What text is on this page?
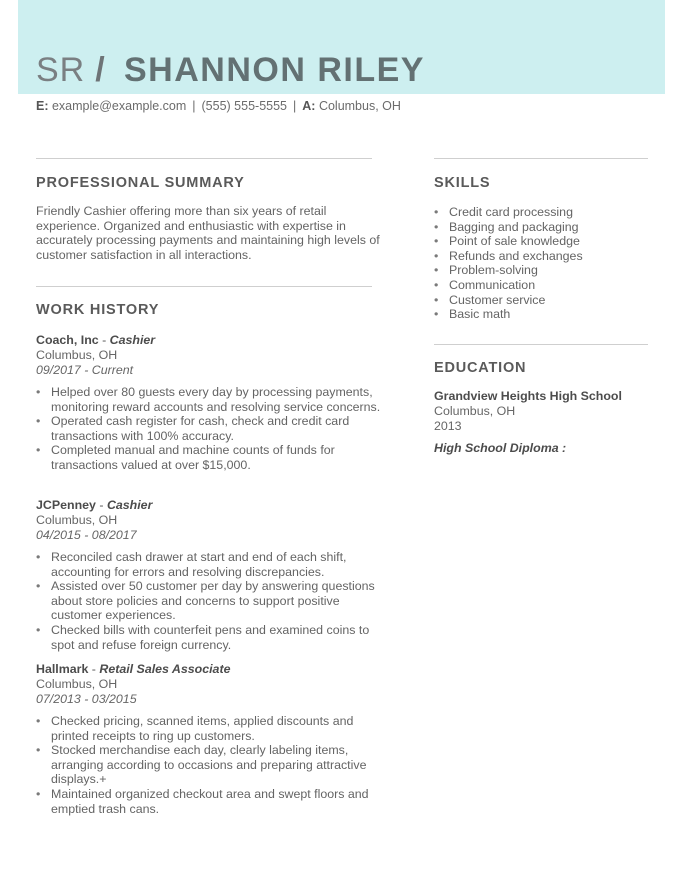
SR / SHANNON RILEY
E: example@example.com | (555) 555-5555 | A: Columbus, OH
PROFESSIONAL SUMMARY

Friendly Cashier offering more than six years of retail experience. Organized and enthusiastic with expertise in accurately processing payments and maintaining high levels of customer satisfaction in all interactions.

WORK HISTORY
Coach, Inc - Cashier
Columbus, OH
09/2017 - Current
• Helped over 80 guests every day by processing payments, monitoring reward accounts and resolving service concerns.
• Operated cash register for cash, check and credit card transactions with 100% accuracy.
• Completed manual and machine counts of funds for transactions valued at over $15,000.
JCPenney - Cashier
Columbus, OH
04/2015 - 08/2017
• Reconciled cash drawer at start and end of each shift, accounting for errors and resolving discrepancies.
• Assisted over 50 customer per day by answering questions about store policies and concerns to support positive customer experiences.
• Checked bills with counterfeit pens and examined coins to spot and refuse foreign currency.
Hallmark - Retail Sales Associate
Columbus, OH
07/2013 - 03/2015
• Checked pricing, scanned items, applied discounts and printed receipts to ring up customers.
• Stocked merchandise each day, clearly labeling items, arranging according to occasions and preparing attractive displays.+
• Maintained organized checkout area and swept floors and emptied trash cans.
SKILLS
• Credit card processing
• Bagging and packaging
• Point of sale knowledge
• Refunds and exchanges
• Problem-solving
• Communication
• Customer service
• Basic math
EDUCATION
Grandview Heights High School
Columbus, OH
2013
High School Diploma :
